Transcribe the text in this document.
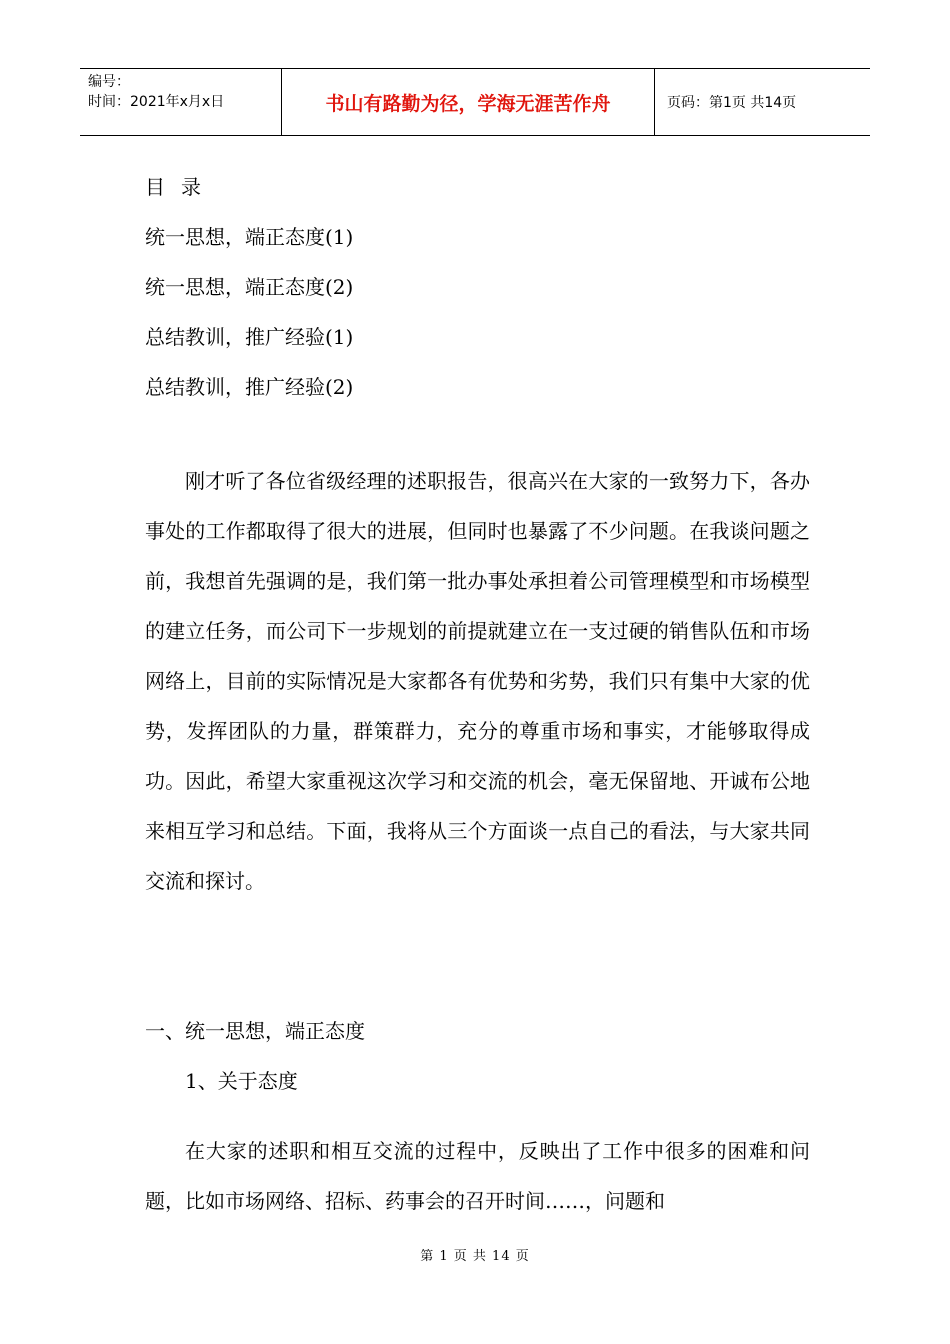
编号：
时间：2021年x月x日	书山有路勤为径，学海无涯苦作舟	页码：第1页 共14页
目录
统一思想，端正态度(1)
统一思想，端正态度(2)
总结教训，推广经验(1)
总结教训，推广经验(2)

刚才听了各位省级经理的述职报告，很高兴在大家的一致努力下，各办事处的工作都取得了很大的进展，但同时也暴露了不少问题。在我谈问题之前，我想首先强调的是，我们第一批办事处承担着公司管理模型和市场模型的建立任务，而公司下一步规划的前提就建立在一支过硬的销售队伍和市场网络上，目前的实际情况是大家都各有优势和劣势，我们只有集中大家的优势，发挥团队的力量，群策群力，充分的尊重市场和事实，才能够取得成功。因此，希望大家重视这次学习和交流的机会，毫无保留地、开诚布公地来相互学习和总结。下面，我将从三个方面谈一点自己的看法，与大家共同交流和探讨。

一、统一思想，端正态度
1、关于态度

在大家的述职和相互交流的过程中，反映出了工作中很多的困难和问题，比如市场网络、招标、药事会的召开时间……，问题和

第 1 页 共 14 页
